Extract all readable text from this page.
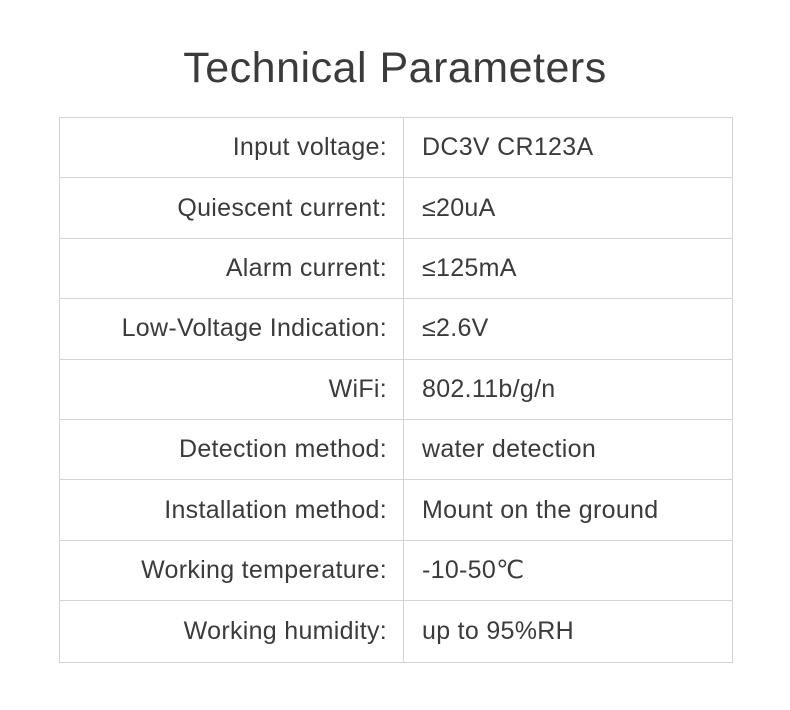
Technical Parameters
Input voltage:	DC3V CR123A
Quiescent current:	≤20uA
Alarm current:	≤125mA
Low-Voltage Indication:	≤2.6V
WiFi:	802.11b/g/n
Detection method:	water detection
Installation method:	Mount on the ground
Working temperature:	-10-50℃
Working humidity:	up to 95%RH
